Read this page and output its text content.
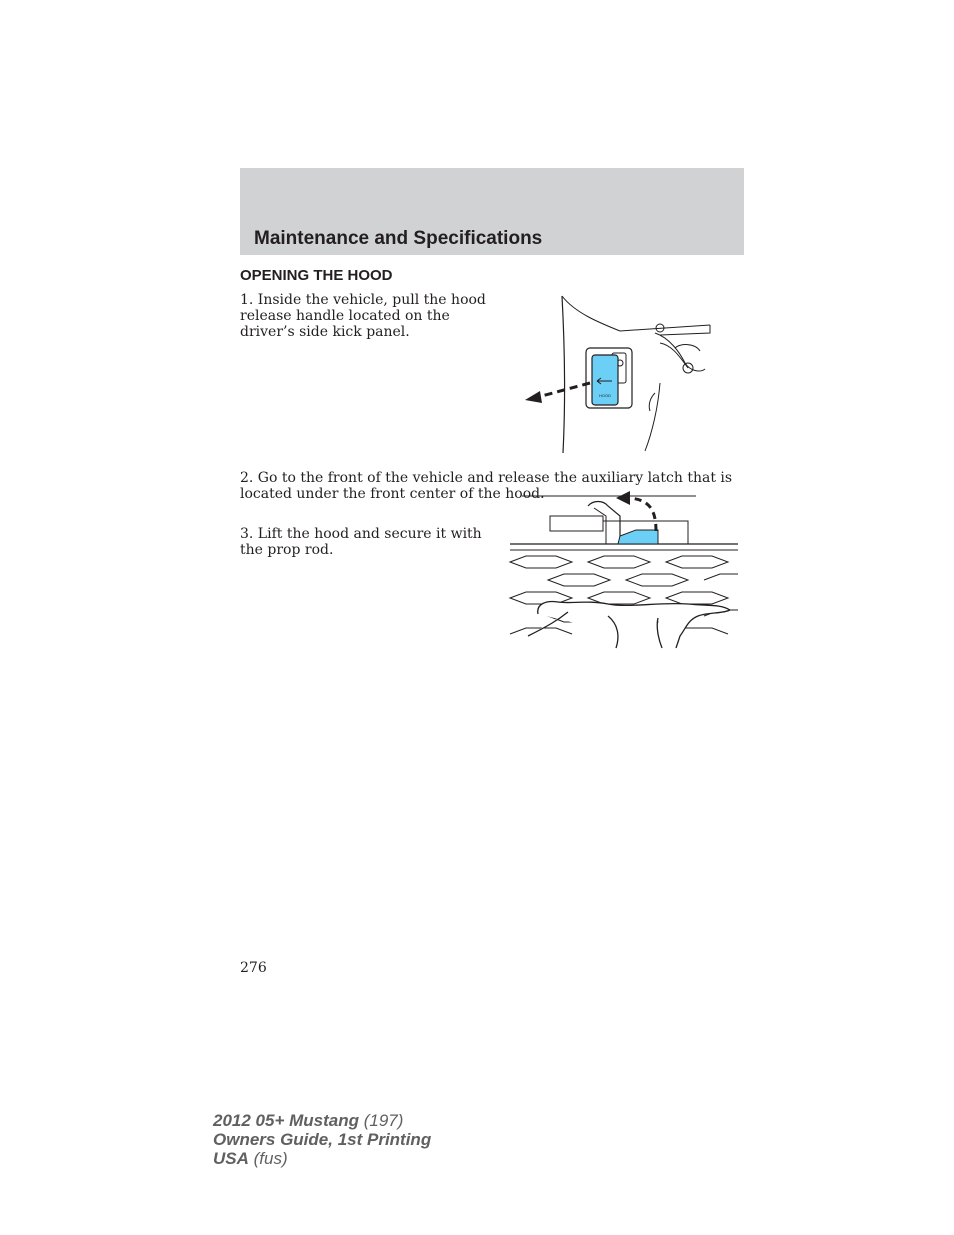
Maintenance and Specifications
OPENING THE HOOD

1. Inside the vehicle, pull the hood release handle located on the driver’s side kick panel.

HOOD

2. Go to the front of the vehicle and release the auxiliary latch that is located under the front center of the hood.

3. Lift the hood and secure it with the prop rod.

276

2012 05+ Mustang (197)
Owners Guide, 1st Printing
USA (fus)
